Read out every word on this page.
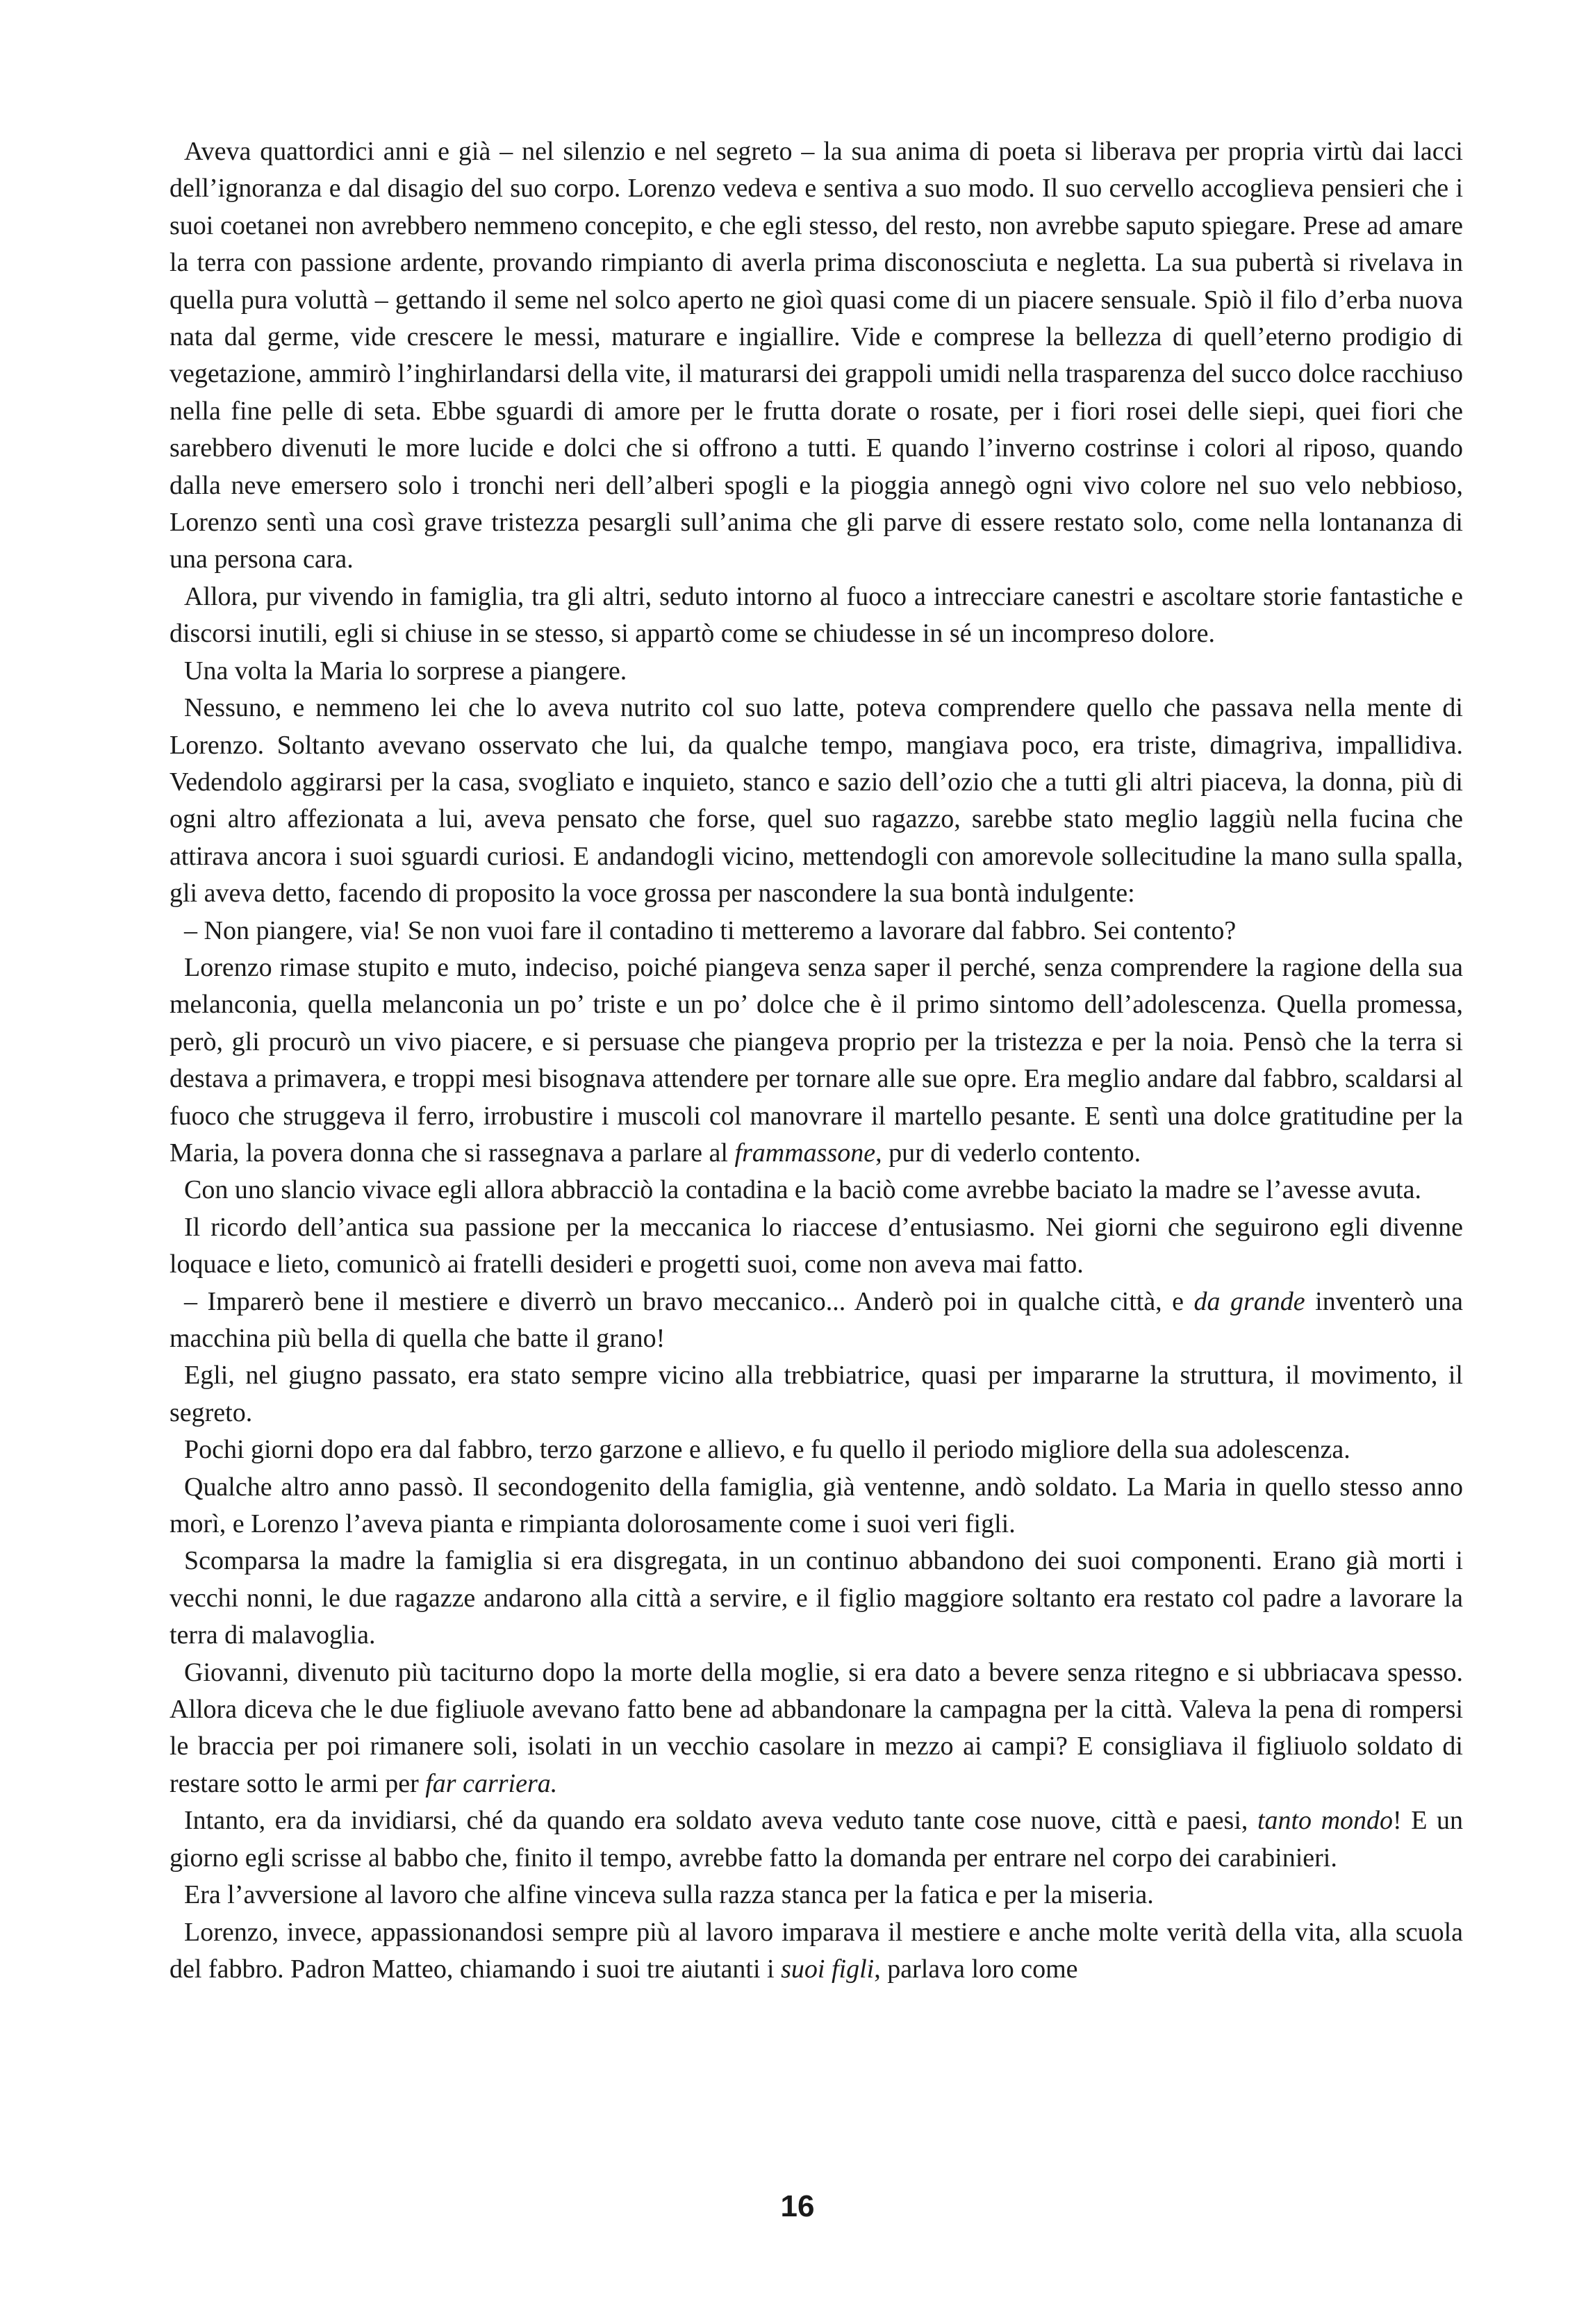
Aveva quattordici anni e già – nel silenzio e nel segreto – la sua anima di poeta si liberava per propria virtù dai lacci dell’ignoranza e dal disagio del suo corpo. Lorenzo vedeva e sentiva a suo modo. Il suo cervello accoglieva pensieri che i suoi coetanei non avrebbero nemmeno concepito, e che egli stesso, del resto, non avrebbe saputo spiegare. Prese ad amare la terra con passione ardente, provando rimpianto di averla prima disconosciuta e negletta. La sua pubertà si rivelava in quella pura voluttà – gettando il seme nel solco aperto ne gioì quasi come di un piacere sensuale. Spiò il filo d’erba nuova nata dal germe, vide crescere le messi, maturare e ingiallire. Vide e comprese la bellezza di quell’eterno prodigio di vegetazione, ammirò l’inghirlandarsi della vite, il maturarsi dei grappoli umidi nella trasparenza del succo dolce racchiuso nella fine pelle di seta. Ebbe sguardi di amore per le frutta dorate o rosate, per i fiori rosei delle siepi, quei fiori che sarebbero divenuti le more lucide e dolci che si offrono a tutti. E quando l’inverno costrinse i colori al riposo, quando dalla neve emersero solo i tronchi neri dell’alberi spogli e la pioggia annegò ogni vivo colore nel suo velo nebbioso, Lorenzo sentì una così grave tristezza pesargli sull’anima che gli parve di essere restato solo, come nella lontananza di una persona cara.

Allora, pur vivendo in famiglia, tra gli altri, seduto intorno al fuoco a intrecciare canestri e ascoltare storie fantastiche e discorsi inutili, egli si chiuse in se stesso, si appartò come se chiudesse in sé un incompreso dolore.

Una volta la Maria lo sorprese a piangere.

Nessuno, e nemmeno lei che lo aveva nutrito col suo latte, poteva comprendere quello che passava nella mente di Lorenzo. Soltanto avevano osservato che lui, da qualche tempo, mangiava poco, era triste, dimagriva, impallidiva. Vedendolo aggirarsi per la casa, svogliato e inquieto, stanco e sazio dell’ozio che a tutti gli altri piaceva, la donna, più di ogni altro affezionata a lui, aveva pensato che forse, quel suo ragazzo, sarebbe stato meglio laggiù nella fucina che attirava ancora i suoi sguardi curiosi. E andandogli vicino, mettendogli con amorevole sollecitudine la mano sulla spalla, gli aveva detto, facendo di proposito la voce grossa per nascondere la sua bontà indulgente:

– Non piangere, via! Se non vuoi fare il contadino ti metteremo a lavorare dal fabbro. Sei contento?

Lorenzo rimase stupito e muto, indeciso, poiché piangeva senza saper il perché, senza comprendere la ragione della sua melanconia, quella melanconia un po’ triste e un po’ dolce che è il primo sintomo dell’adolescenza. Quella promessa, però, gli procurò un vivo piacere, e si persuase che piangeva proprio per la tristezza e per la noia. Pensò che la terra si destava a primavera, e troppi mesi bisognava attendere per tornare alle sue opre. Era meglio andare dal fabbro, scaldarsi al fuoco che struggeva il ferro, irrobustire i muscoli col manovrare il martello pesante. E sentì una dolce gratitudine per la Maria, la povera donna che si rassegnava a parlare al frammassone, pur di vederlo contento.

Con uno slancio vivace egli allora abbracciò la contadina e la baciò come avrebbe baciato la madre se l’avesse avuta.

Il ricordo dell’antica sua passione per la meccanica lo riaccese d’entusiasmo. Nei giorni che seguirono egli divenne loquace e lieto, comunicò ai fratelli desideri e progetti suoi, come non aveva mai fatto.

– Imparerò bene il mestiere e diverrò un bravo meccanico... Anderò poi in qualche città, e da grande inventerò una macchina più bella di quella che batte il grano!

Egli, nel giugno passato, era stato sempre vicino alla trebbiatrice, quasi per impararne la struttura, il movimento, il segreto.

Pochi giorni dopo era dal fabbro, terzo garzone e allievo, e fu quello il periodo migliore della sua adolescenza.

Qualche altro anno passò. Il secondogenito della famiglia, già ventenne, andò soldato. La Maria in quello stesso anno morì, e Lorenzo l’aveva pianta e rimpianta dolorosamente come i suoi veri figli.

Scomparsa la madre la famiglia si era disgregata, in un continuo abbandono dei suoi componenti. Erano già morti i vecchi nonni, le due ragazze andarono alla città a servire, e il figlio maggiore soltanto era restato col padre a lavorare la terra di malavoglia.

Giovanni, divenuto più taciturno dopo la morte della moglie, si era dato a bevere senza ritegno e si ubbriacava spesso. Allora diceva che le due figliuole avevano fatto bene ad abbandonare la campagna per la città. Valeva la pena di rompersi le braccia per poi rimanere soli, isolati in un vecchio casolare in mezzo ai campi? E consigliava il figliuolo soldato di restare sotto le armi per far carriera.

Intanto, era da invidiarsi, ché da quando era soldato aveva veduto tante cose nuove, città e paesi, tanto mondo! E un giorno egli scrisse al babbo che, finito il tempo, avrebbe fatto la domanda per entrare nel corpo dei carabinieri.

Era l’avversione al lavoro che alfine vinceva sulla razza stanca per la fatica e per la miseria.

Lorenzo, invece, appassionandosi sempre più al lavoro imparava il mestiere e anche molte verità della vita, alla scuola del fabbro. Padron Matteo, chiamando i suoi tre aiutanti i suoi figli, parlava loro come

16
